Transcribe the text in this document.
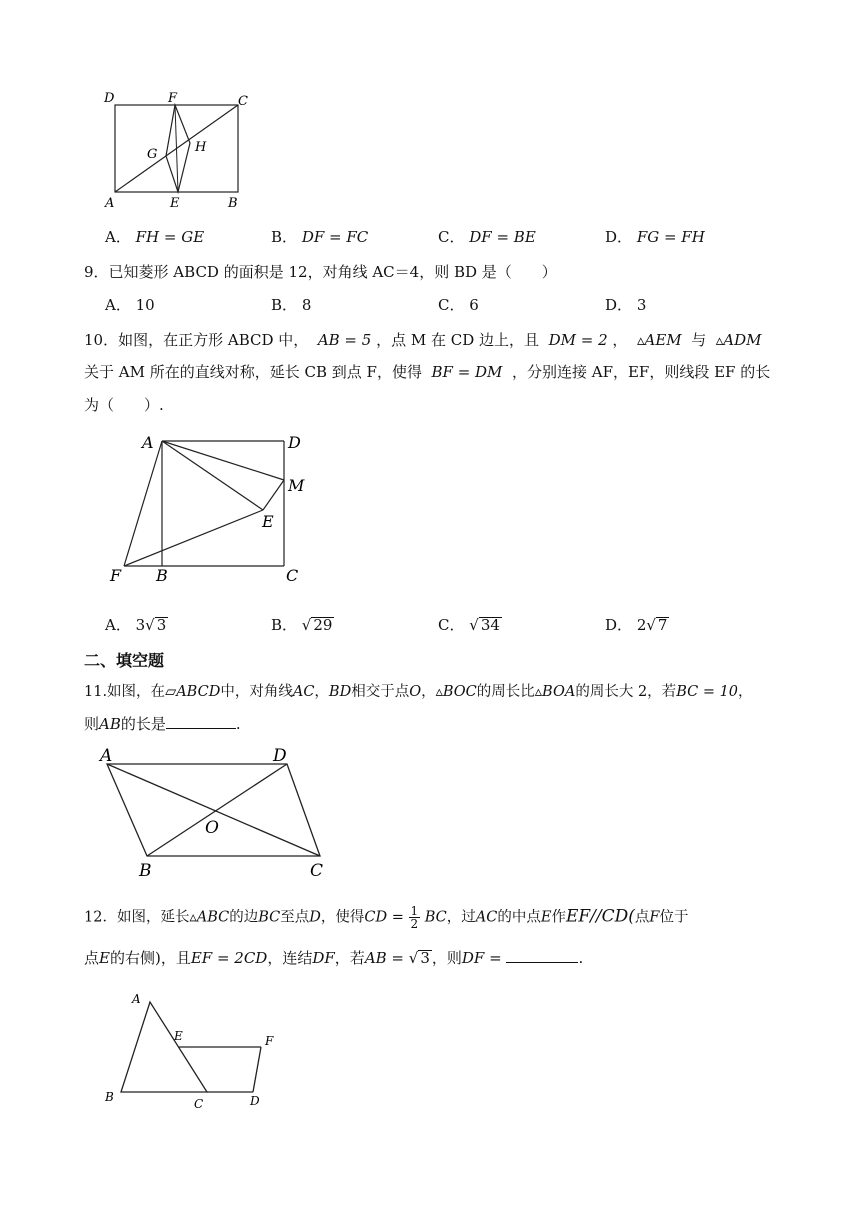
D	F	C
G	H
A	E	B
A． FH = GE	B． DF = FC	C． DF = BE	D． FG = FH
9．已知菱形 ABCD 的面积是 12，对角线 AC＝4，则 BD 是（　　）
A． 10	B． 8	C． 6	D． 3
10．如图，在正方形 ABCD 中， AB = 5 ，点 M 在 CD 边上，且 DM = 2 ， ▵AEM 与 ▵ADM
关于 AM 所在的直线对称，延长 CB 到点 F，使得 BF = DM ，分别连接 AF，EF，则线段 EF 的长
为（　　）.
A	D
M
E
F B	C
A． 3√ 3	B． √ 29	C． √ 34	D． 2√ 7
二、填空题
11.如图，在▱ABCD中，对角线AC，BD相交于点O，▵BOC的周长比▵BOA的周长大 2，若BC = 10，
则AB的长是	.
A	D
O
B	C
12．如图，延长▵ABC的边BC至点D，使得CD = $\frac{1}{2}$ BC，过AC的中点E作EF//CD(点F位于
点E的右侧)，且EF = 2CD，连结DF，若AB = √ 3 ，则DF =	.
A
E	F
B	C	D
